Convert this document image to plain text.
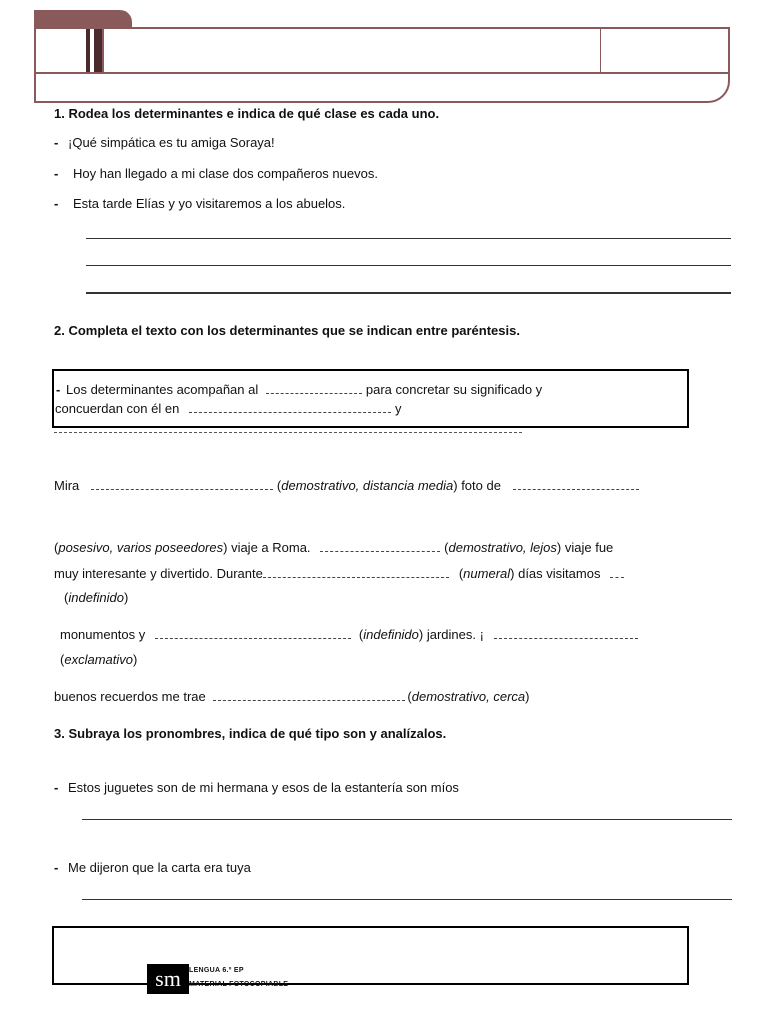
1. Rodea los determinantes e indica de qué clase es cada uno.
- ¡Qué simpática es tu amiga Soraya!
- Hoy han llegado a mi clase dos compañeros nuevos.
- Esta tarde Elías y yo visitaremos a los abuelos.
2. Completa el texto con los determinantes que se indican entre paréntesis.
- Los determinantes acompañan al	para concretar su significado y
concuerdan con él en	y
Mira	(demostrativo, distancia media) foto de
(posesivo, varios poseedores) viaje a Roma.	(demostrativo, lejos) viaje fue
muy interesante y divertido. Durante	(numeral) días visitamos
(indefinido)
monumentos y	(indefinido) jardines. ¡
(exclamativo)
buenos recuerdos me trae	(demostrativo, cerca)
3. Subraya los pronombres, indica de qué tipo son y analízalos.
- Estos juguetes son de mi hermana y esos de la estantería son míos
- Me dijeron que la carta era tuya
sm	LENGUA 6.º EP
MATERIAL FOTOCOPIABLE
